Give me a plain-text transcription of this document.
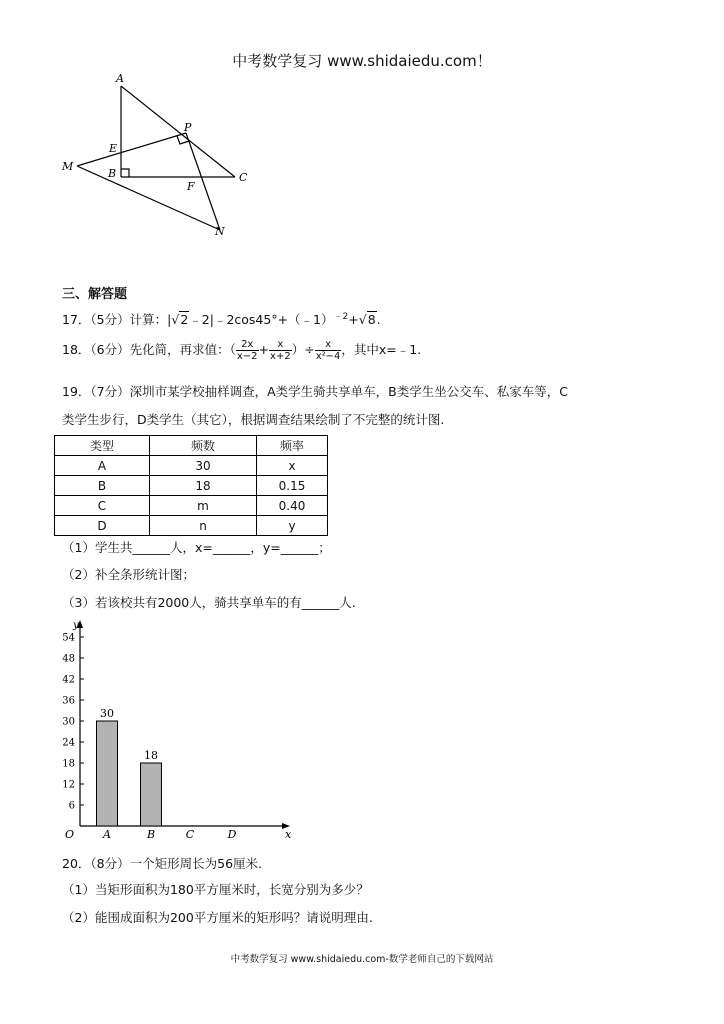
中考数学复习 www.shidaiedu.com！
A
P
E
M
B
F
C
N
三、解答题
17．（5分）计算：|√2﹣2|﹣2cos45°+（﹣1）$^{﹣2}$+√8.
18．（6分）先化简，再求值：（ $\frac{2x}{x-2} + \frac{x}{x+2}$ ）÷ $\frac{x}{\text{x²−4}}$ ，其中x=﹣1.
19．（7分）深圳市某学校抽样调查，A类学生骑共享单车，B类学生坐公交车、私家车等，C
类学生步行，D类学生（其它），根据调查结果绘制了不完整的统计图.
类型	频数	频率
A	30	x
B	18	0.15
C	m	0.40
D	n	y
（1）学生共______人，x=______，y=______；
（2）补全条形统计图；
（3）若该校共有2000人，骑共享单车的有______人.
y
x
O
6
12
18
24
30
36
42
48
54
A
30
B
18
C	D
20．（8分）一个矩形周长为56厘米.
（1）当矩形面积为180平方厘米时，长宽分别为多少？
（2）能围成面积为200平方厘米的矩形吗？请说明理由.
中考数学复习 www.shidaiedu.com-数学老师自己的下载网站
